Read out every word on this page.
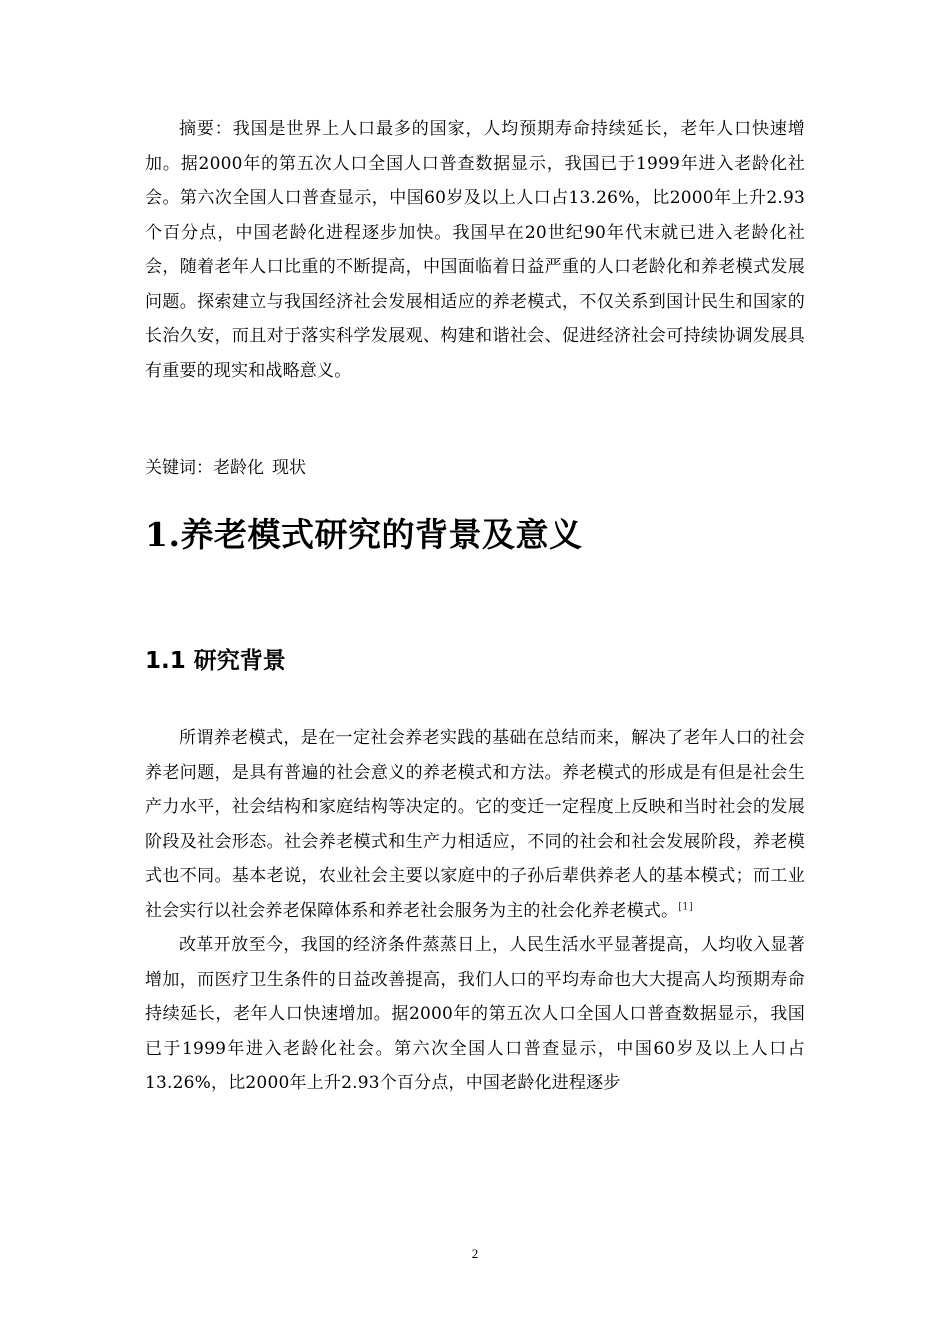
摘要：我国是世界上人口最多的国家，人均预期寿命持续延长，老年人口快速增加。据2000年的第五次人口全国人口普查数据显示，我国已于1999年进入老龄化社会。第六次全国人口普查显示，中国60岁及以上人口占13.26%，比2000年上升2.93个百分点，中国老龄化进程逐步加快。我国早在20世纪90年代末就已进入老龄化社会，随着老年人口比重的不断提高，中国面临着日益严重的人口老龄化和养老模式发展问题。探索建立与我国经济社会发展相适应的养老模式，不仅关系到国计民生和国家的长治久安，而且对于落实科学发展观、构建和谐社会、促进经济社会可持续协调发展具有重要的现实和战略意义。

关键词：老龄化 现状

1.养老模式研究的背景及意义
1.1 研究背景

所谓养老模式，是在一定社会养老实践的基础在总结而来，解决了老年人口的社会养老问题，是具有普遍的社会意义的养老模式和方法。养老模式的形成是有但是社会生产力水平，社会结构和家庭结构等决定的。它的变迁一定程度上反映和当时社会的发展阶段及社会形态。社会养老模式和生产力相适应，不同的社会和社会发展阶段，养老模式也不同。基本老说，农业社会主要以家庭中的子孙后辈供养老人的基本模式；而工业社会实行以社会养老保障体系和养老社会服务为主的社会化养老模式。[1]

改革开放至今，我国的经济条件蒸蒸日上，人民生活水平显著提高，人均收入显著增加，而医疗卫生条件的日益改善提高，我们人口的平均寿命也大大提高人均预期寿命持续延长，老年人口快速增加。据2000年的第五次人口全国人口普查数据显示，我国已于1999年进入老龄化社会。第六次全国人口普查显示，中国60岁及以上人口占13.26%，比2000年上升2.93个百分点，中国老龄化进程逐步

2
